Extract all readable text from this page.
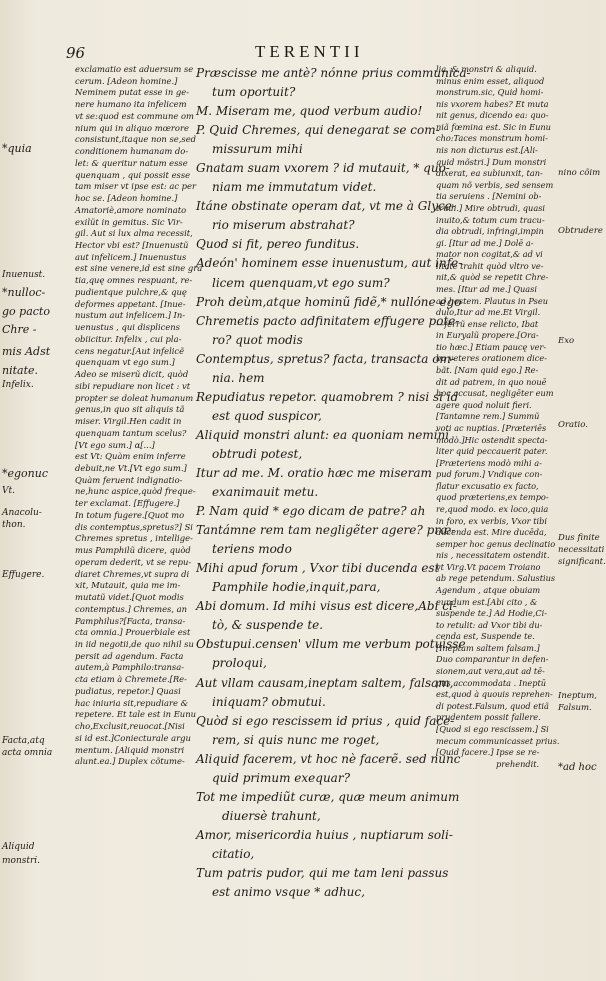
96	TERENTII
*quia
Inuenust.
*nulloc-
go pacto
Chre -
mis Adst
nitate.
Infelix.
*egonuc
Vt.
Anacolu-
thon.
Effugere.
Facta,atq
acta omnia
Aliquid
monstri.
exclamatio est aduersum se
cerum. [Adeon homine.]
Neminem putat esse in ge-
nere humano ita infelicem
vt se:quod est commune om
nium qui in aliquo mœrore
consistunt,itaque non se,sed
conditionem humanam do-
let: & queritur natum esse
quenquam , qui possit esse
tam miser vt ipse est: ac per
hoc se. [Adeon homine.]
Amatoriè,amore nominato
exilüt in gemitus. Sic Vir-
gil. Aut si lux alma recessit,
Hector vbi est? [Inuenustũ
aut infelicem.] Inuenustus
est sine venere,id est sine gra
tia,quę omnes respuant, re-
pudientque pulchre,& quę
deformes appetant. [Inue-
nustum aut infelicem.] In-
uenustus , qui displicens
obiicitur. Infelix , cui pla-
cens negatur.[Aut infelicẽ
quenquam vt ego sum.]
Adeo se miserũ dicit, quòd
sibi repudiare non licet : vt
propter se doleat humanum
genus,in quo sit aliquis tã
miser. Virgil.Hen cadit in
quenquam tantum scelus?
[Vt ego sum.] α[...]
est Vt: Quàm enim inferre
debuit,ne Vt.[Vt ego sum.]
Quàm feruent indignatio-
ne,hunc aspice,quòd freque-
ter exclamat. [Effugere.]
In totum fugere.[Quot mo
dis contemptus,spretus?] Si
Chremes spretus , intellige-
mus Pamphilũ dicere, quòd
operam dederit, vt se repu-
diaret Chremes,vt supra di
xit, Mutauit, quia me im-
mutatũ videt.[Quot modis
contemptus.] Chremes, an
Pamphilus?[Facta, transa-
cta omnia.] Prouerbiale est
in iid negotii,de quo nihil su
persit ad agendum. Facta
autem,à Pamphilo:transa-
cta etiam à Chremete.[Re-
pudiatus, repetor.] Quasi
hac iniuria sit,repudiare &
repetere. Et tale est in Eunu
cho,Exclusit,reuocat.[Nisi
si id est.]Coniecturale argu
mentum. [Aliquid monstri
alunt.ea.] Duplex cõtume-
Præscisse me antè? nónne prius communica-
tum oportuit?
M. Miseram me, quod verbum audio!
P. Quid Chremes, qui denegarat se com-
missurum mihi
Gnatam suam vxorem ? id mutauit, * quo-
niam me immutatum videt.
Itáne obstinate operam dat, vt me à Glyce-
rio miserum abstrahat?
Quod si fit, pereo funditus.
Adeón' hominem esse inuenustum, aut infe-
licem quenquam,vt ego sum?
Proh deùm,atque hominũ fidẽ,* nullóne ego
Chremetis pacto adfinitatem effugere pote-
ro? quot modis
Contemptus, spretus? facta, transacta om-
nia. hem
Repudiatus repetor. quamobrem ? nisi si id
est quod suspicor,
Aliquid monstri alunt: ea quoniam nemini
obtrudi potest,
Itur ad me. M. oratio hæc me miseram
exanimauit metu.
P. Nam quid * ego dicam de patre? ah
Tantámne rem tam negligẽter agere? præ-
teriens modo
Mihi apud forum , Vxor tibi ducenda est
Pamphile hodie,inquit,para,
Abi domum. Id mihi visus est dicere,Abi ci-
tò, & suspende te.
Obstupui.censen' vllum me verbum potuisse
proloqui,
Aut vllam causam,ineptam saltem, falsam,
iniquam? obmutui.
Quòd si ego rescissem id prius , quid face-
rem, si quis nunc me roget,
Aliquid facerem, vt hoc nè facerẽ. sed nunc
quid primum exequar?
Tot me impediũt curæ, quæ meum animum
diuersè trahunt,
Amor, misericordia huius , nuptiarum soli-
citatio,
Tum patris pudor, qui me tam leni passus
est animo vsque * adhuc,
lia, & monstri & aliquid.
minus enim esset, aliquod
monstrum.sic, Quid homi-
nis vxorem habes? Et muta
nit genus, dicendo ea: quo-
niã fœmina est. Sic in Eunu
cho:Taces monstrum homi-
nis non dicturus est.[Ali-
quid mõstri.] Dum monstri
dixerat, ea subiunxit, tan-
quam nõ verbis, sed sensem
tia seruiens . [Nemini ob-
trudi.] Mire obtrudi, quasi
inuito,& totum cum tracu-
dia obtrudi, infringi,impin
gi. [Itur ad me.] Dolē a-
mator non cogitat,& ad vi
litate trahit quòd vltro ve-
nit,& quòd se repetit Chre-
mes. [Itur ad me.] Quasi
ad hostem. Plautus in Pseu
dulo,Itur ad me.Et Virgil.
—ferrũ ense relicto, Ibat
in Euryalũ propere.[Ora-
tio hæc.] Etiam paucę ver-
ba veteres orationem dice-
bãt. [Nam quid ego.] Re-
dit ad patrem, in quo nouē
hoc accusat, negligēter eum
agere quod noluit fieri.
[Tantamne rem.] Summũ
voti ac nuptias. [Præteriēs
modò.]Hic ostendit specta-
liter quid peccauerit pater.
[Præteriens modò mihi a-
pud forum.] Vndique con-
flatur excusatio ex facto,
quod præteriens,ex tempo-
re,quod modo. ex loco,quia
in foro, ex verbis, Vxor tibi
ducenda est. Mire ducēda,
semper hoc genus declinatio
nis , necessitatem ostendit.
vt Virg.Vt pacem Troiano
ab rege petendum. Salustius
Agendum , atque obuiam
eundum est.[Abi cito , &
suspende te.] Ad Hodie,Ci-
to retulit: ad Vxor tibi du-
cenda est, Suspende te.
[Ineptam saltem falsam.]
Duo comparantur in defen-
sionem,aut vera,aut ad tē-
pus accommodata . Ineptū
est,quod à quouis reprehen-
di potest.Falsum, quod etiã
prudentem possit fallere.
[Quod si ego rescissem.] Si
mecum communicasset prius.
[Quid facere.] Ipse se re-
prehendit.
nino cõim
Obtrudere
Exo
Oratio.
Dus finite
necessitati
significant.
Ineptum,
Falsum.
*ad hoc
